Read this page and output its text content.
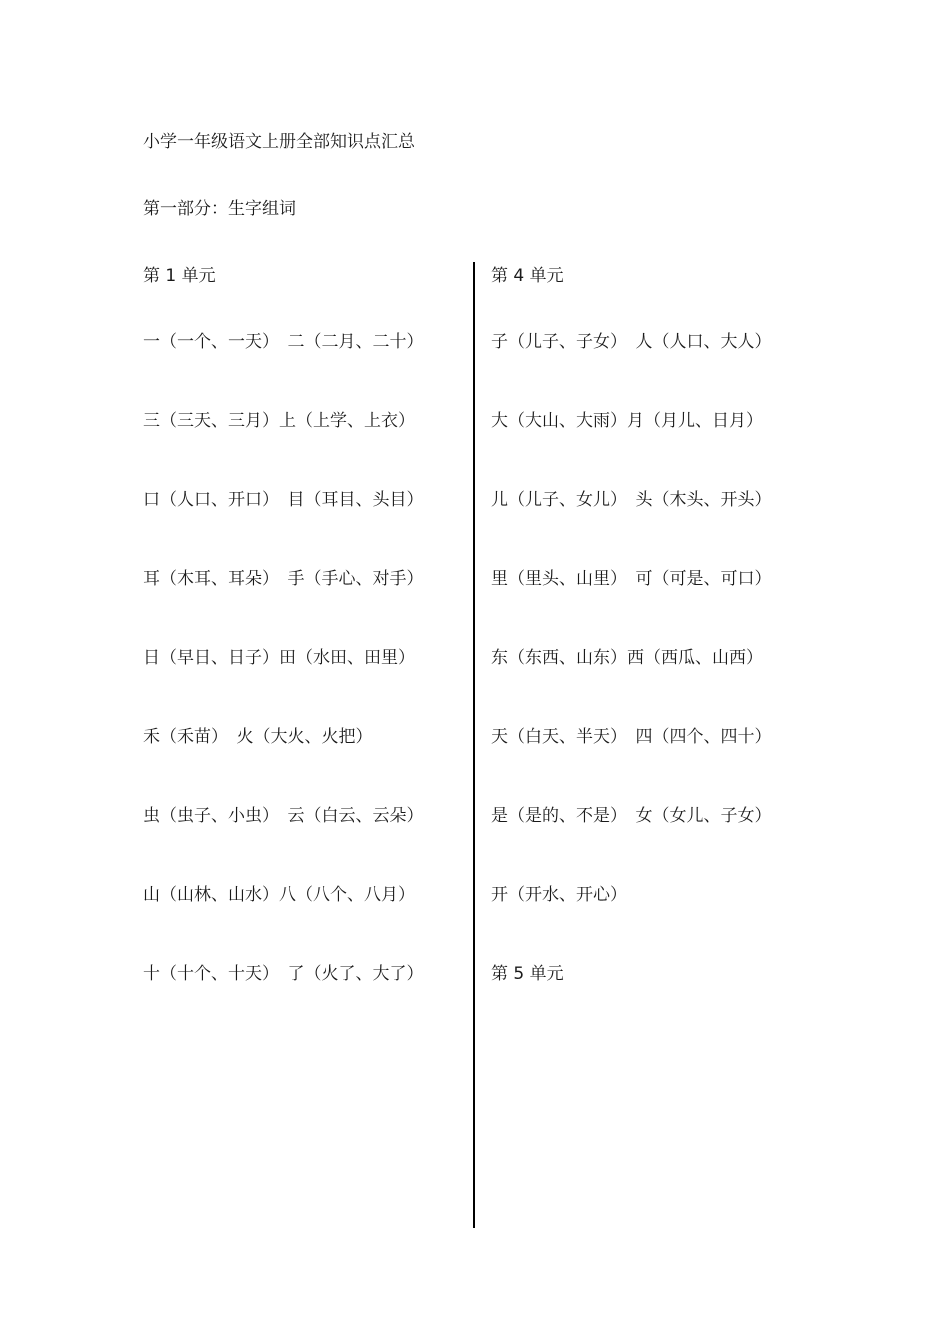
小学一年级语文上册全部知识点汇总
第一部分：生字组词
第 1 单元
一（一个、一天）　二（二月、二十）
三（三天、三月）上（上学、上衣）
口（人口、开口）　目（耳目、头目）
耳（木耳、耳朵）　手（手心、对手）
日（早日、日子）田（水田、田里）
禾（禾苗）　火（大火、火把）
虫（虫子、小虫）　云（白云、云朵）
山（山林、山水）八（八个、八月）
十（十个、十天）　了（火了、大了）
第 4 单元
子（儿子、子女）　人（人口、大人）
大（大山、大雨）月（月儿、日月）
儿（儿子、女儿）　头（木头、开头）
里（里头、山里）　可（可是、可口）
东（东西、山东）西（西瓜、山西）
天（白天、半天）　四（四个、四十）
是（是的、不是）　女（女儿、子女）
开（开水、开心）
第 5 单元
